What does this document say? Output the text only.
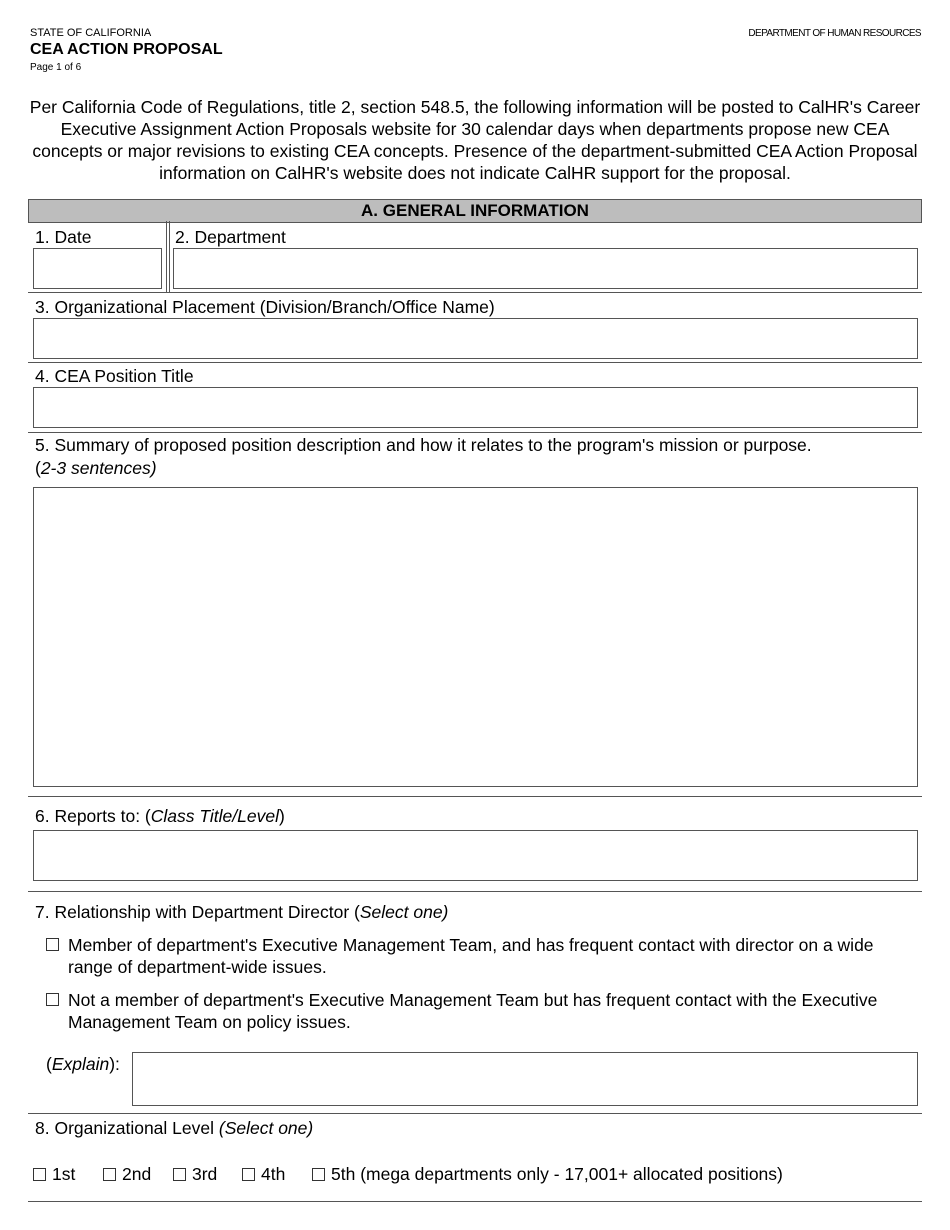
STATE OF CALIFORNIA
CEA ACTION PROPOSAL
Page 1 of 6
DEPARTMENT OF HUMAN RESOURCES
Per California Code of Regulations, title 2, section 548.5, the following information will be posted to CalHR's Career Executive Assignment Action Proposals website for 30 calendar days when departments propose new CEA concepts or major revisions to existing CEA concepts. Presence of the department-submitted CEA Action Proposal information on CalHR's website does not indicate CalHR support for the proposal.
A. GENERAL INFORMATION
1. Date	2. Department
3. Organizational Placement (Division/Branch/Office Name)
4. CEA Position Title
5. Summary of proposed position description and how it relates to the program's mission or purpose.
(2-3 sentences)
6. Reports to: (Class Title/Level)
7. Relationship with Department Director (Select one)
Member of department's Executive Management Team, and has frequent contact with director on a wide range of department-wide issues.
Not a member of department's Executive Management Team but has frequent contact with the Executive Management Team on policy issues.
(Explain):
8. Organizational Level (Select one)
1st	2nd	3rd	4th	5th (mega departments only - 17,001+ allocated positions)
